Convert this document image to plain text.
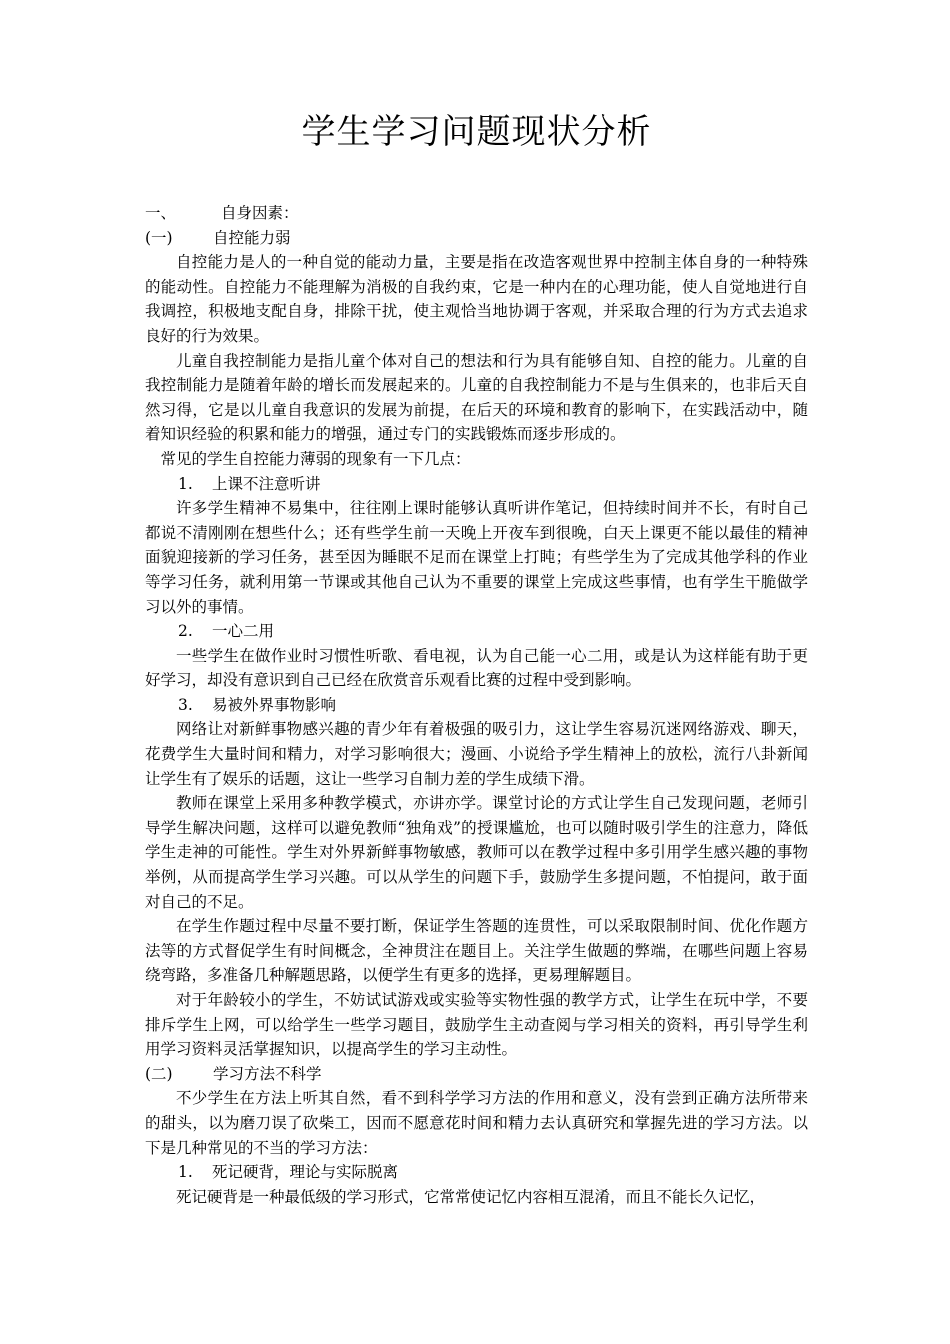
学生学习问题现状分析
一、	自身因素：
(一)	自控能力弱

自控能力是人的一种自觉的能动力量，主要是指在改造客观世界中控制主体自身的一种特殊的能动性。自控能力不能理解为消极的自我约束，它是一种内在的心理功能，使人自觉地进行自我调控，积极地支配自身，排除干扰，使主观恰当地协调于客观，并采取合理的行为方式去追求良好的行为效果。

儿童自我控制能力是指儿童个体对自己的想法和行为具有能够自知、自控的能力。儿童的自我控制能力是随着年龄的增长而发展起来的。儿童的自我控制能力不是与生俱来的，也非后天自然习得，它是以儿童自我意识的发展为前提，在后天的环境和教育的影响下，在实践活动中，随着知识经验的积累和能力的增强，通过专门的实践锻炼而逐步形成的。

常见的学生自控能力薄弱的现象有一下几点：

1.	上课不注意听讲

许多学生精神不易集中，往往刚上课时能够认真听讲作笔记，但持续时间并不长，有时自己都说不清刚刚在想些什么；还有些学生前一天晚上开夜车到很晚，白天上课更不能以最佳的精神面貌迎接新的学习任务，甚至因为睡眠不足而在课堂上打盹；有些学生为了完成其他学科的作业等学习任务，就利用第一节课或其他自己认为不重要的课堂上完成这些事情，也有学生干脆做学习以外的事情。

2.	一心二用

一些学生在做作业时习惯性听歌、看电视，认为自己能一心二用，或是认为这样能有助于更好学习，却没有意识到自己已经在欣赏音乐观看比赛的过程中受到影响。

3.	易被外界事物影响

网络让对新鲜事物感兴趣的青少年有着极强的吸引力，这让学生容易沉迷网络游戏、聊天，花费学生大量时间和精力，对学习影响很大；漫画、小说给予学生精神上的放松，流行八卦新闻让学生有了娱乐的话题，这让一些学习自制力差的学生成绩下滑。

教师在课堂上采用多种教学模式，亦讲亦学。课堂讨论的方式让学生自己发现问题，老师引导学生解决问题，这样可以避免教师“独角戏”的授课尴尬，也可以随时吸引学生的注意力，降低学生走神的可能性。学生对外界新鲜事物敏感，教师可以在教学过程中多引用学生感兴趣的事物举例，从而提高学生学习兴趣。可以从学生的问题下手，鼓励学生多提问题，不怕提问，敢于面对自己的不足。

在学生作题过程中尽量不要打断，保证学生答题的连贯性，可以采取限制时间、优化作题方法等的方式督促学生有时间概念，全神贯注在题目上。关注学生做题的弊端，在哪些问题上容易绕弯路，多准备几种解题思路，以便学生有更多的选择，更易理解题目。

对于年龄较小的学生，不妨试试游戏或实验等实物性强的教学方式，让学生在玩中学，不要排斥学生上网，可以给学生一些学习题目，鼓励学生主动查阅与学习相关的资料，再引导学生利用学习资料灵活掌握知识，以提高学生的学习主动性。

(二)	学习方法不科学

不少学生在方法上听其自然，看不到科学学习方法的作用和意义，没有尝到正确方法所带来的甜头，以为磨刀误了砍柴工，因而不愿意花时间和精力去认真研究和掌握先进的学习方法。以下是几种常见的不当的学习方法：

1.	死记硬背，理论与实际脱离

死记硬背是一种最低级的学习形式，它常常使记忆内容相互混淆，而且不能长久记忆，
